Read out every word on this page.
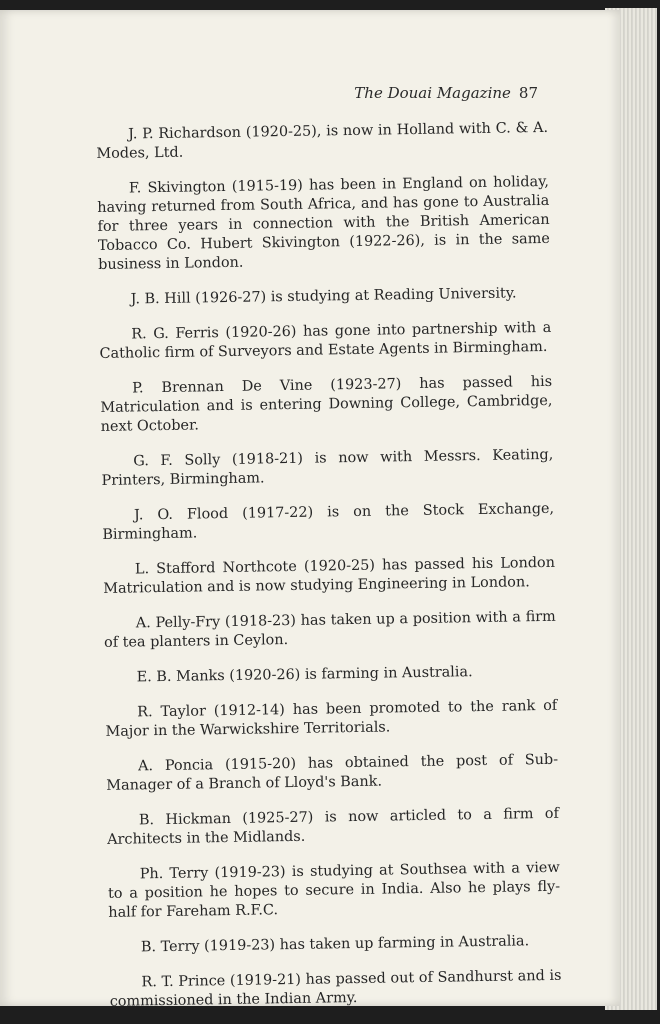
The Douai Magazine 87

J. P. Richardson (1920-25), is now in Holland with C. & A. Modes, Ltd.

F. Skivington (1915-19) has been in England on holiday, having returned from South Africa, and has gone to Australia for three years in connection with the British American Tobacco Co. Hubert Skivington (1922-26), is in the same business in London.

J. B. Hill (1926-27) is studying at Reading University.

R. G. Ferris (1920-26) has gone into partnership with a Catholic firm of Surveyors and Estate Agents in Birmingham.

P. Brennan De Vine (1923-27) has passed his Matriculation and is entering Downing College, Cambridge, next October.

G. F. Solly (1918-21) is now with Messrs. Keating, Printers, Birmingham.

J. O. Flood (1917-22) is on the Stock Exchange, Birmingham.

L. Stafford Northcote (1920-25) has passed his London Matriculation and is now studying Engineering in London.

A. Pelly-Fry (1918-23) has taken up a position with a firm of tea planters in Ceylon.

E. B. Manks (1920-26) is farming in Australia.

R. Taylor (1912-14) has been promoted to the rank of Major in the Warwickshire Territorials.

A. Poncia (1915-20) has obtained the post of Sub-Manager of a Branch of Lloyd's Bank.

B. Hickman (1925-27) is now articled to a firm of Architects in the Midlands.

Ph. Terry (1919-23) is studying at Southsea with a view to a position he hopes to secure in India. Also he plays fly-half for Fareham R.F.C.

B. Terry (1919-23) has taken up farming in Australia.

R. T. Prince (1919-21) has passed out of Sandhurst and is commissioned in the Indian Army.
